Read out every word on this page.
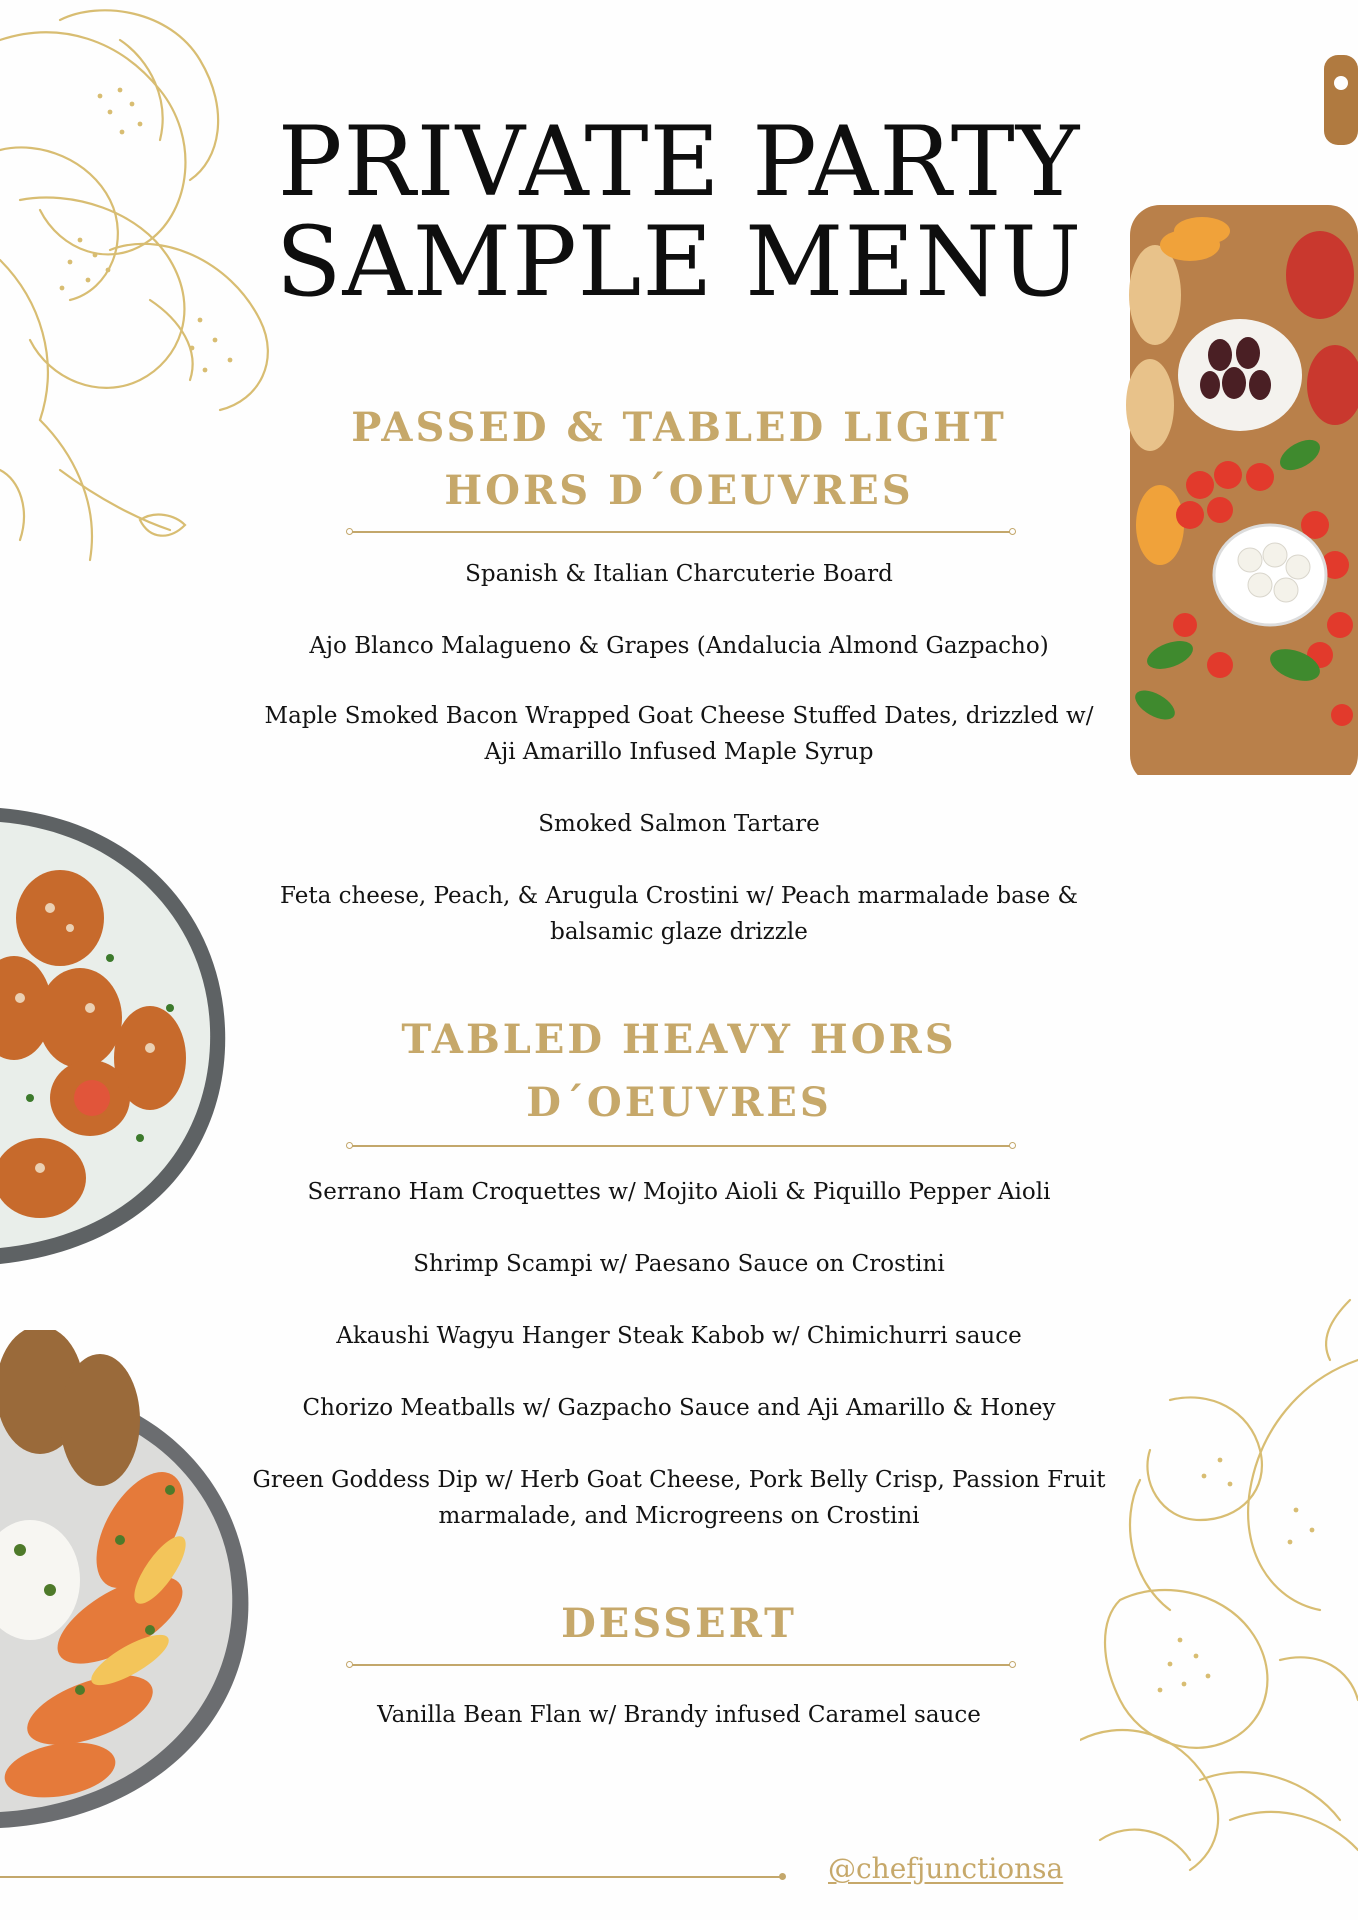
PRIVATE PARTY
SAMPLE MENU
PASSED & TABLED LIGHT
HORS D´OEUVRES
Spanish & Italian Charcuterie Board
Ajo Blanco Malagueno & Grapes (Andalucia Almond Gazpacho)
Maple Smoked Bacon Wrapped Goat Cheese Stuffed Dates, drizzled w/ Aji Amarillo Infused Maple Syrup
Smoked Salmon Tartare
Feta cheese, Peach, & Arugula Crostini w/ Peach marmalade base & balsamic glaze drizzle
TABLED HEAVY HORS
D´OEUVRES
Serrano Ham Croquettes w/ Mojito Aioli & Piquillo Pepper Aioli
Shrimp Scampi w/ Paesano Sauce on Crostini
Akaushi Wagyu Hanger Steak Kabob w/ Chimichurri sauce
Chorizo Meatballs w/ Gazpacho Sauce and Aji Amarillo & Honey
Green Goddess Dip w/ Herb Goat Cheese, Pork Belly Crisp, Passion Fruit marmalade, and Microgreens on Crostini
DESSERT
Vanilla Bean Flan w/ Brandy infused Caramel sauce
@chefjunctionsa
